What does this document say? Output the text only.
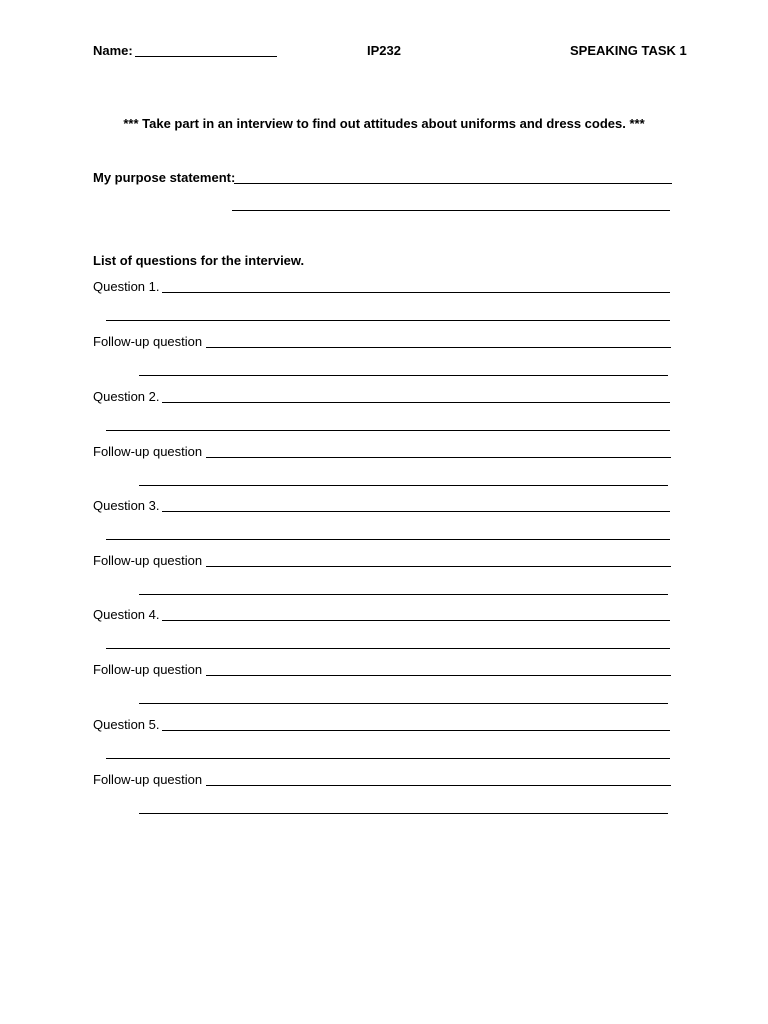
Name:	IP232	SPEAKING TASK 1
*** Take part in an interview to find out attitudes about uniforms and dress codes. ***
My purpose statement:
List of questions for the interview.
Question 1.
Follow-up question
Question 2.
Follow-up question
Question 3.
Follow-up question
Question 4.
Follow-up question
Question 5.
Follow-up question
